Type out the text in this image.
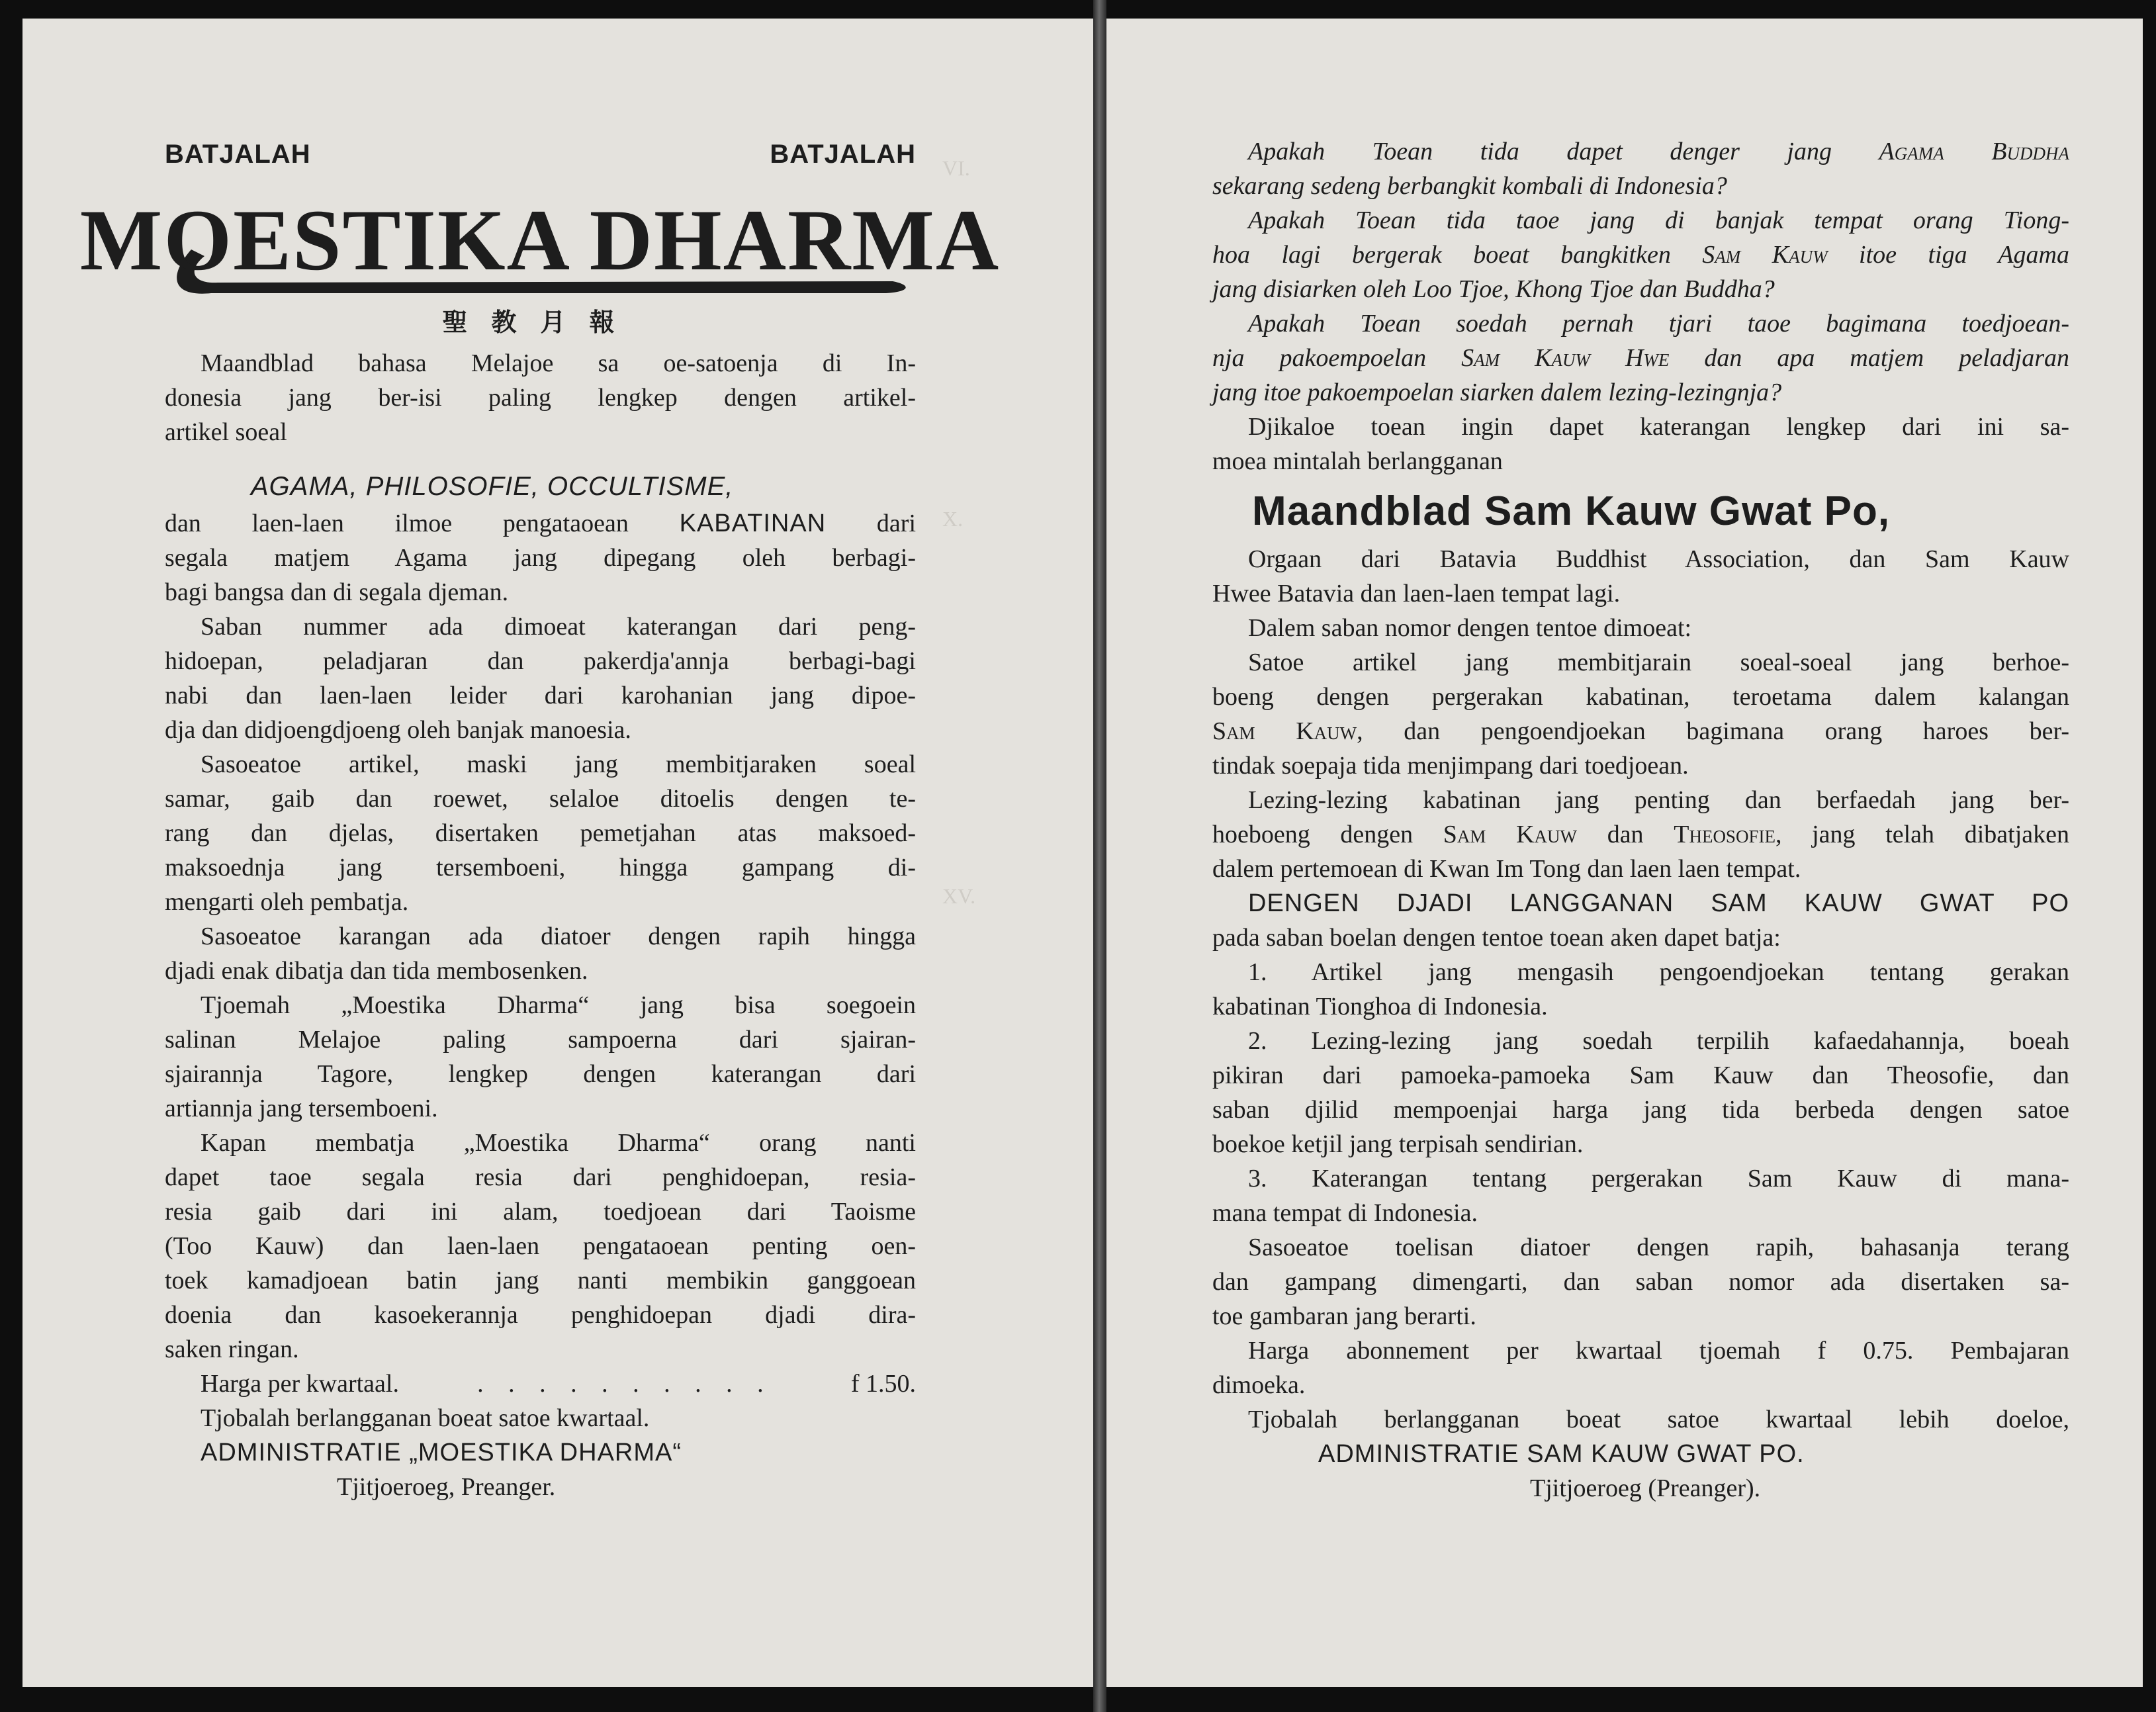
VI.
X.
XV.
BATJALAH	BATJALAH
MOESTIKA DHARMA
聖教月報

Maandblad bahasa Melajoe sa oe-satoenja di In-

donesia jang ber-isi paling lengkep dengen artikel-

artikel soeal

AGAMA, PHILOSOFIE, OCCULTISME,

dan laen-laen ilmoe pengataoean KABATINAN dari

segala matjem Agama jang dipegang oleh berbagi-

bagi bangsa dan di segala djeman.

Saban nummer ada dimoeat katerangan dari peng-

hidoepan, peladjaran dan pakerdja'annja berbagi-bagi

nabi dan laen-laen leider dari karohanian jang dipoe-

dja dan didjoengdjoeng oleh banjak manoesia.

Sasoeatoe artikel, maski jang membitjaraken soeal

samar, gaib dan roewet, selaloe ditoelis dengen te-

rang dan djelas, disertaken pemetjahan atas maksoed-

maksoednja jang tersemboeni, hingga gampang di-

mengarti oleh pembatja.

Sasoeatoe karangan ada diatoer dengen rapih hingga

djadi enak dibatja dan tida membosenken.

Tjoemah „Moestika Dharma“ jang bisa soegoein

salinan Melajoe paling sampoerna dari sjairan-

sjairannja Tagore, lengkep dengen katerangan dari

artiannja jang tersemboeni.

Kapan membatja „Moestika Dharma“ orang nanti

dapet taoe segala resia dari penghidoepan, resia-

resia gaib dari ini alam, toedjoean dari Taoisme

(Too Kauw) dan laen-laen pengataoean penting oen-

toek kamadjoean batin jang nanti membikin ganggoean

doenia dan kasoekerannja penghidoepan djadi dira-

saken ringan.

Harga per kwartaal.	. . . . . . . . . .	f 1.50.

Tjobalah berlangganan boeat satoe kwartaal.

ADMINISTRATIE „MOESTIKA DHARMA“

Tjitjoeroeg, Preanger.

Apakah Toean tida dapet denger jang Agama Buddha

sekarang sedeng berbangkit kombali di Indonesia?

Apakah Toean tida taoe jang di banjak tempat orang Tiong-

hoa lagi bergerak boeat bangkitken Sam Kauw itoe tiga Agama

jang disiarken oleh Loo Tjoe, Khong Tjoe dan Buddha?

Apakah Toean soedah pernah tjari taoe bagimana toedjoean-

nja pakoempoelan Sam Kauw Hwe dan apa matjem peladjaran

jang itoe pakoempoelan siarken dalem lezing-lezingnja?

Djikaloe toean ingin dapet katerangan lengkep dari ini sa-

moea mintalah berlangganan

Maandblad Sam Kauw Gwat Po,

Orgaan dari Batavia Buddhist Association, dan Sam Kauw

Hwee Batavia dan laen-laen tempat lagi.

Dalem saban nomor dengen tentoe dimoeat:

Satoe artikel jang membitjarain soeal-soeal jang berhoe-

boeng dengen pergerakan kabatinan, teroetama dalem kalangan

Sam Kauw, dan pengoendjoekan bagimana orang haroes ber-

tindak soepaja tida menjimpang dari toedjoean.

Lezing-lezing kabatinan jang penting dan berfaedah jang ber-

hoeboeng dengen Sam Kauw dan Theosofie, jang telah dibatjaken

dalem pertemoean di Kwan Im Tong dan laen laen tempat.

DENGEN DJADI LANGGANAN SAM KAUW GWAT PO

pada saban boelan dengen tentoe toean aken dapet batja:

1. Artikel jang mengasih pengoendjoekan tentang gerakan

kabatinan Tionghoa di Indonesia.

2. Lezing-lezing jang soedah terpilih kafaedahannja, boeah

pikiran dari pamoeka-pamoeka Sam Kauw dan Theosofie, dan

saban djilid mempoenjai harga jang tida berbeda dengen satoe

boekoe ketjil jang terpisah sendirian.

3. Katerangan tentang pergerakan Sam Kauw di mana-

mana tempat di Indonesia.

Sasoeatoe toelisan diatoer dengen rapih, bahasanja terang

dan gampang dimengarti, dan saban nomor ada disertaken sa-

toe gambaran jang berarti.

Harga abonnement per kwartaal tjoemah f 0.75. Pembajaran

dimoeka.

Tjobalah berlangganan boeat satoe kwartaal lebih doeloe,

ADMINISTRATIE SAM KAUW GWAT PO.

Tjitjoeroeg (Preanger).
